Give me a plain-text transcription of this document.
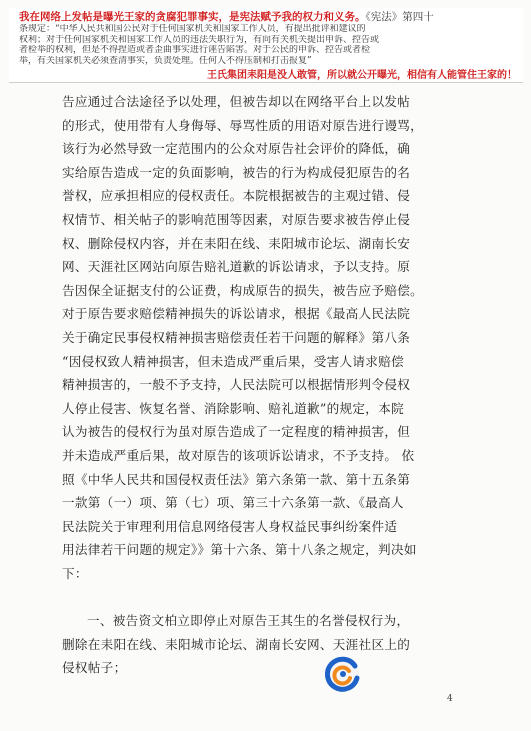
我在网络上发帖是曝光王家的贪腐犯罪事实，是宪法赋予我的权力和义务。《宪法》第四十
条规定：“中华人民共和国公民对于任何国家机关和国家工作人员，有提出批评和建议的
权利；对于任何国家机关和国家工作人员的违法失职行为，有向有关机关提出申诉、控告或
者检举的权利，但是不得捏造或者歪曲事实进行诬告陷害。对于公民的申诉、控告或者检
举，有关国家机关必须查清事实，负责处理。任何人不得压制和打击报复”
王氏集团耒阳是没人敢管，所以就公开曝光，相信有人能管住王家的！
告应通过合法途径予以处理，但被告却以在网络平台上以发帖
的形式，使用带有人身侮辱、辱骂性质的用语对原告进行谩骂，
该行为必然导致一定范围内的公众对原告社会评价的降低，确
实给原告造成一定的负面影响，被告的行为构成侵犯原告的名
誉权，应承担相应的侵权责任。本院根据被告的主观过错、侵
权情节、相关帖子的影响范围等因素，对原告要求被告停止侵
权、删除侵权内容，并在耒阳在线、耒阳城市论坛、湖南长安
网、天涯社区网站向原告赔礼道歉的诉讼请求，予以支持。原
告因保全证据支付的公证费，构成原告的损失，被告应予赔偿。
对于原告要求赔偿精神损失的诉讼请求，根据《最高人民法院
关于确定民事侵权精神损害赔偿责任若干问题的解释》第八条
“因侵权致人精神损害，但未造成严重后果，受害人请求赔偿
精神损害的，一般不予支持，人民法院可以根据情形判令侵权
人停止侵害、恢复名誉、消除影响、赔礼道歉”的规定，本院
认为被告的侵权行为虽对原告造成了一定程度的精神损害，但
并未造成严重后果，故对原告的该项诉讼请求，不予支持。 依
照《中华人民共和国侵权责任法》第六条第一款、第十五条第
一款第（一）项、第（七）项、第三十六条第一款、《最高人
民法院关于审理利用信息网络侵害人身权益民事纠纷案件适
用法律若干问题的规定》》第十六条、第十八条之规定，判决如
下：
一、被告资文柏立即停止对原告王其生的名誉侵权行为，
删除在耒阳在线、耒阳城市论坛、湖南长安网、天涯社区上的
侵权帖子；
4
